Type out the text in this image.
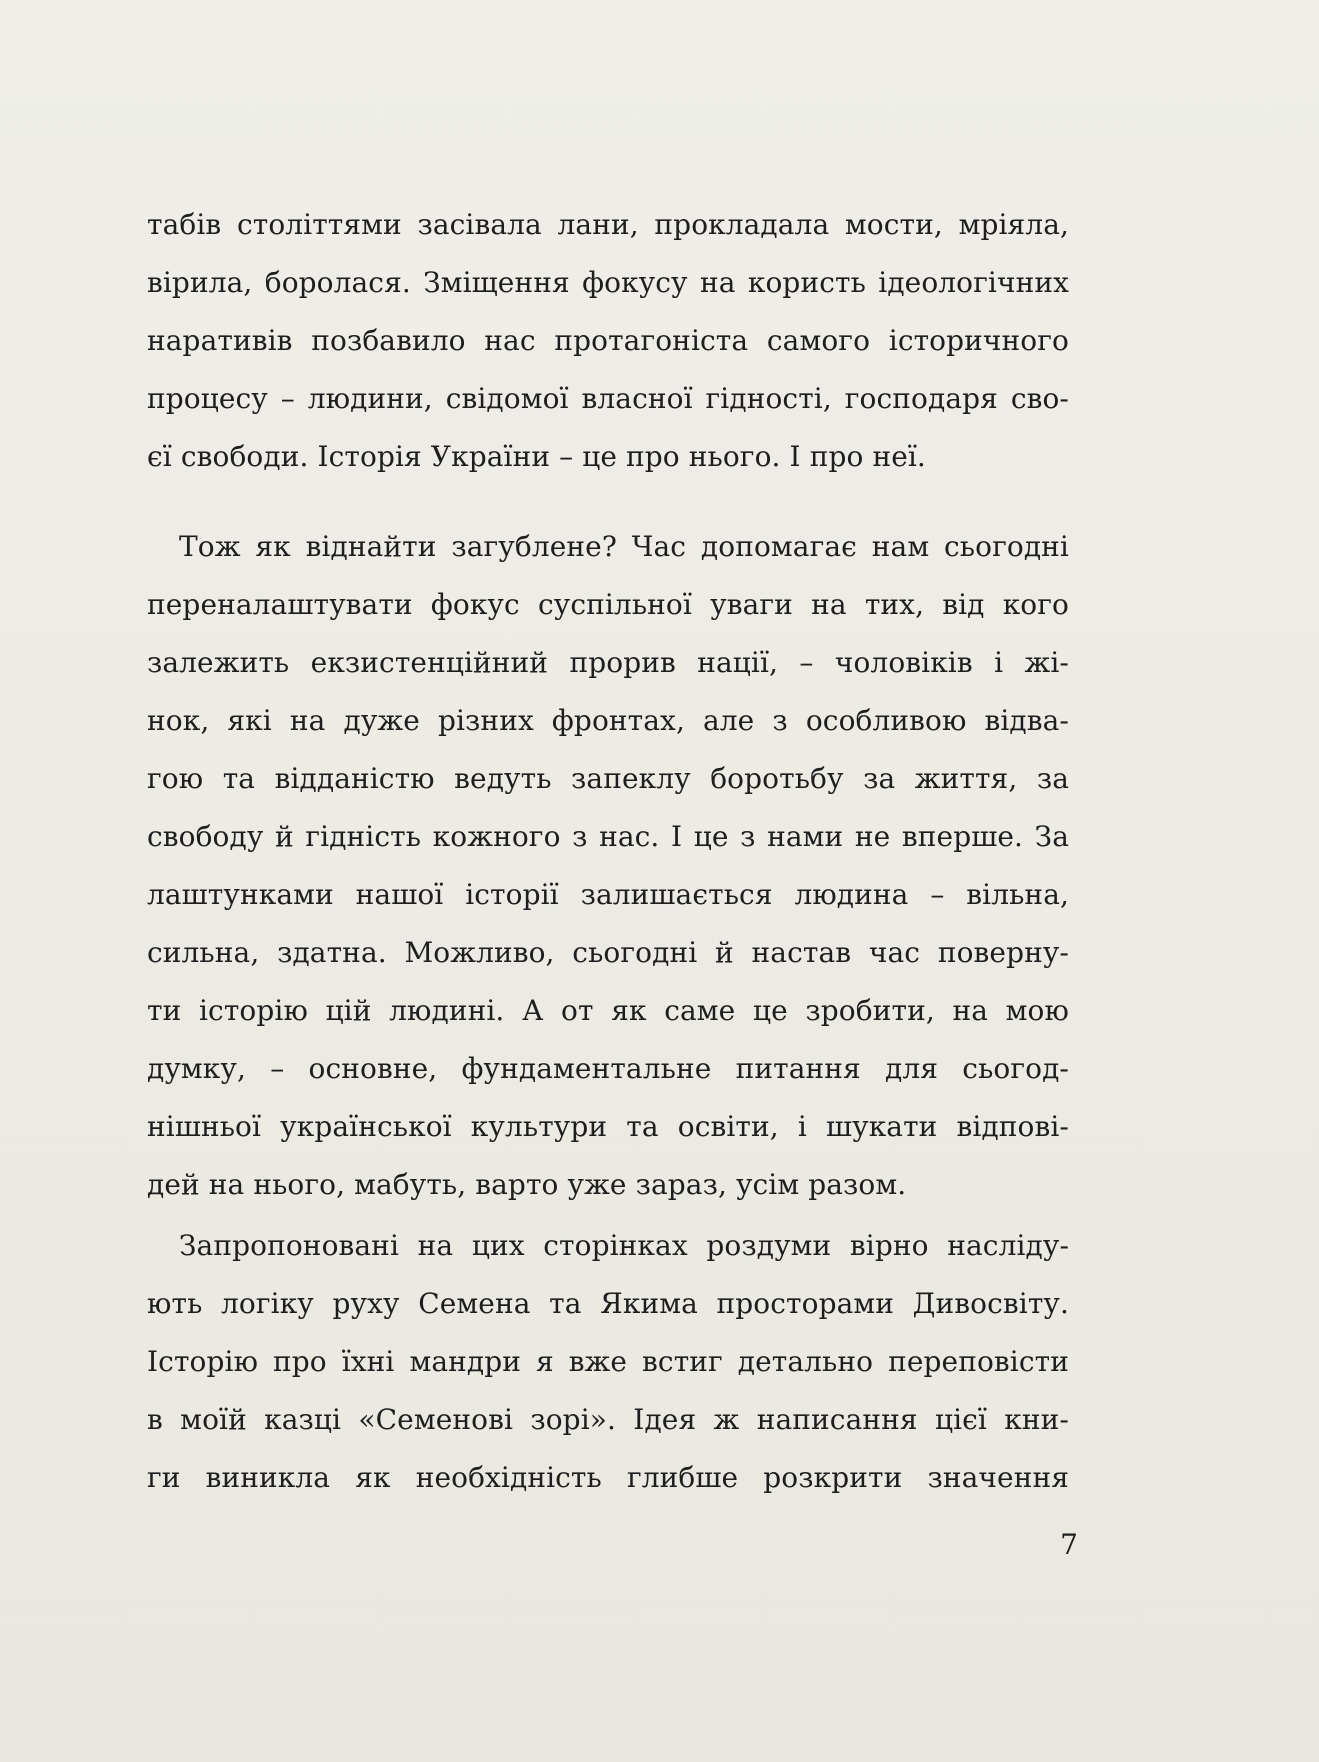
табів століттями засівала лани, прокладала мости, мріяла,
вірила, боролася. Зміщення фокусу на користь ідеологічних
наративів позбавило нас протагоніста самого історичного
процесу – людини, свідомої власної гідності, господаря сво-
єї свободи. Історія України – це про нього. І про неї.
Тож як віднайти загублене? Час допомагає нам сьогодні
переналаштувати фокус суспільної уваги на тих, від кого
залежить екзистенційний прорив нації, – чоловіків і жі-
нок, які на дуже різних фронтах, але з особливою відва-
гою та відданістю ведуть запеклу боротьбу за життя, за
свободу й гідність кожного з нас. І це з нами не вперше. За
лаштунками нашої історії залишається людина – вільна,
сильна, здатна. Можливо, сьогодні й настав час поверну-
ти історію цій людині. А от як саме це зробити, на мою
думку, – основне, фундаментальне питання для сьогод-
нішньої української культури та освіти, і шукати відпові-
дей на нього, мабуть, варто уже зараз, усім разом.
Запропоновані на цих сторінках роздуми вірно насліду-
ють логіку руху Семена та Якима просторами Дивосвіту.
Історію про їхні мандри я вже встиг детально переповісти
в моїй казці «Семенові зорі». Ідея ж написання цієї кни-
ги виникла як необхідність глибше розкрити значення
7
